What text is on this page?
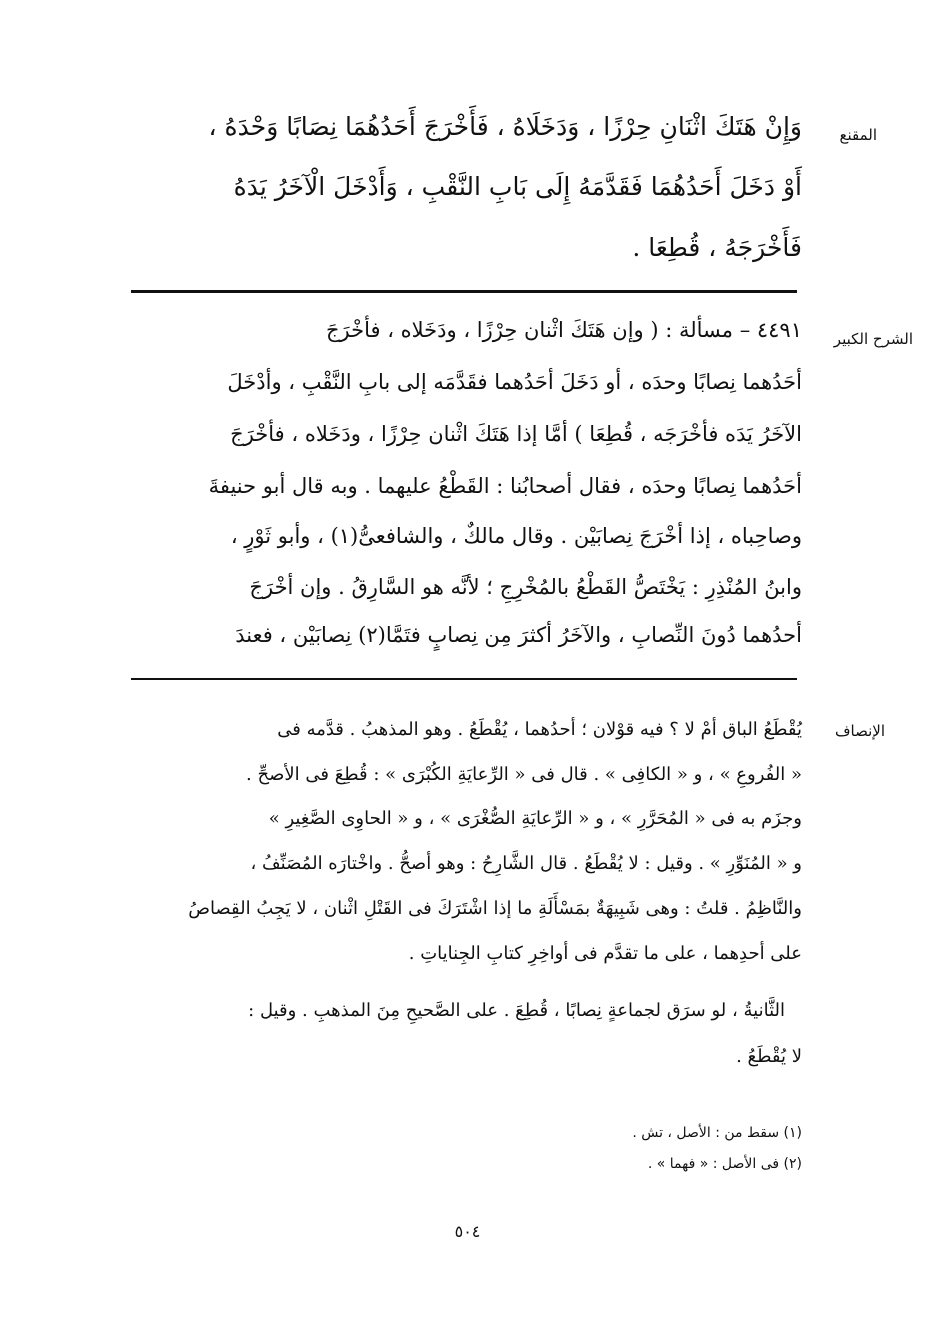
المقنع
وَإِنْ هَتَكَ اثْنَانِ حِرْزًا ، وَدَخَلَاهُ ، فَأَخْرَجَ أَحَدُهُمَا نِصَابًا وَحْدَهُ ،
أَوْ دَخَلَ أَحَدُهُمَا فَقَدَّمَهُ إِلَى بَابِ النَّقْبِ ، وَأَدْخَلَ الْآخَرُ يَدَهُ
فَأَخْرَجَهُ ، قُطِعَا .
الشرح الكبير
٤٤٩١ – مسألة : ( وإن هَتَكَ اثْنان حِرْزًا ، ودَخَلاه ، فأخْرَجَ
أحَدُهما نِصابًا وحدَه ، أو دَخَلَ أحَدُهما فقَدَّمَه إلى بابِ النَّقْبِ ، وأدْخَلَ
الآخَرُ يَدَه فأخْرَجَه ، قُطِعَا ) أمَّا إذا هَتَكَ اثْنان حِرْزًا ، ودَخَلاه ، فأخْرَجَ
أحَدُهما نِصابًا وحدَه ، فقال أصحابُنا : القَطْعُ عليهما . وبه قال أبو حنيفةَ
وصاحِباه ، إذا أخْرَجَ نِصابَيْن . وقال مالكٌ ، والشافعىُّ(١) ، وأبو ثَوْرٍ ،
وابنُ المُنْذِرِ : يَخْتَصُّ القَطْعُ بالمُخْرِجِ ؛ لأنَّه هو السَّارِقُ . وإن أخْرَجَ
أحدُهما دُونَ النِّصابِ ، والآخَرُ أكثرَ مِن نِصابٍ فتَمَّا(٢) نِصابَيْن ، فعندَ
الإنصاف
يُقْطَعُ الباق أمْ لا ؟ فيه قوْلان ؛ أحدُهما ، يُقْطَعُ . وهو المذهبُ . قدَّمه فى
« الفُروعِ » ، و « الكافِى » . قال فى « الرِّعايَةِ الكُبْرَى » : قُطِعَ فى الأصحِّ .
وجزَم به فى « المُحَرَّرِ » ، و « الرِّعايَةِ الصُّغْرَى » ، و « الحاوِى الصَّغِيرِ »
و « المُنَوِّرِ » . وقيل : لا يُقْطَعُ . قال الشَّارِحُ : وهو أصحُّ . واخْتارَه المُصَنِّفُ ،
والنَّاظِمُ . قلتُ : وهى شَبِيهَةٌ بمَسْأَلَةِ ما إذا اشْتَرَكَ فى القَتْلِ اثْنان ، لا يَجِبُ القِصاصُ
على أحدِهما ، على ما تقدَّم فى أواخِرِ كتابِ الجِناياتِ .
الثَّانيةُ ، لو سرَق لجماعةٍ نِصابًا ، قُطِعَ . على الصَّحيحِ مِنَ المذهبِ . وقيل :
لا يُقْطَعُ .
(١) سقط من : الأصل ، تش .
(٢) فى الأصل : « فهما » .
٥٠٤
